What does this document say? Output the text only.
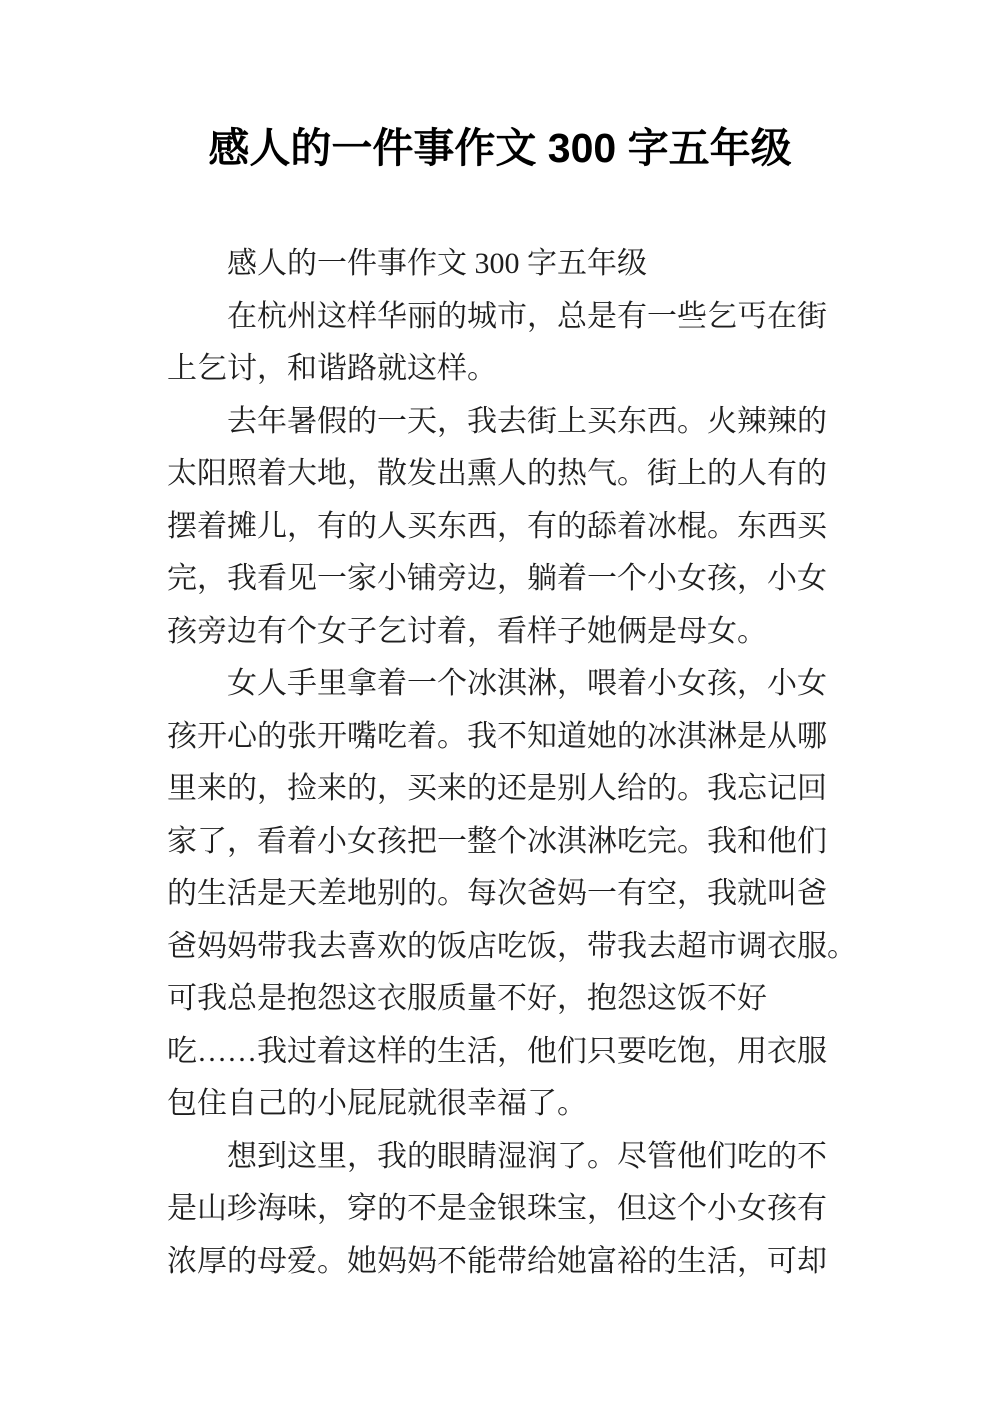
感人的一件事作文 300 字五年级

感人的一件事作文 300 字五年级

在杭州这样华丽的城市，总是有一些乞丐在街
上乞讨，和谐路就这样。

去年暑假的一天，我去街上买东西。火辣辣的
太阳照着大地，散发出熏人的热气。街上的人有的
摆着摊儿，有的人买东西，有的舔着冰棍。东西买
完，我看见一家小铺旁边，躺着一个小女孩，小女
孩旁边有个女子乞讨着，看样子她俩是母女。

女人手里拿着一个冰淇淋，喂着小女孩，小女
孩开心的张开嘴吃着。我不知道她的冰淇淋是从哪
里来的，捡来的，买来的还是别人给的。我忘记回
家了，看着小女孩把一整个冰淇淋吃完。我和他们
的生活是天差地别的。每次爸妈一有空，我就叫爸
爸妈妈带我去喜欢的饭店吃饭，带我去超市调衣服。
可我总是抱怨这衣服质量不好，抱怨这饭不好
吃……我过着这样的生活，他们只要吃饱，用衣服
包住自己的小屁屁就很幸福了。

想到这里，我的眼睛湿润了。尽管他们吃的不
是山珍海味，穿的不是金银珠宝，但这个小女孩有
浓厚的母爱。她妈妈不能带给她富裕的生活，可却
